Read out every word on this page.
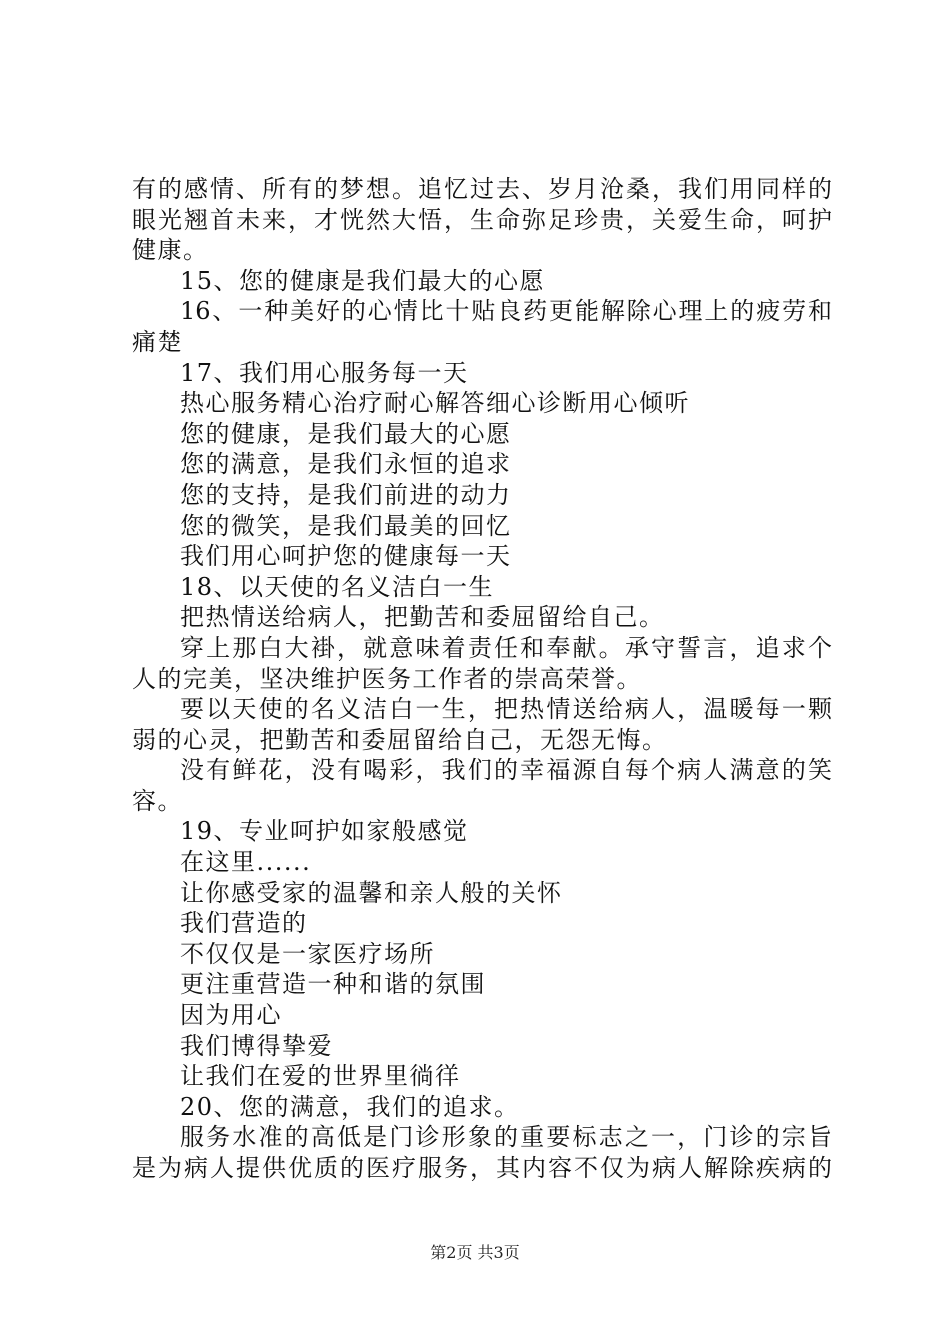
有的感情、所有的梦想。追忆过去、岁月沧桑，我们用同样的
眼光翘首未来，才恍然大悟，生命弥足珍贵，关爱生命，呵护
健康。
15、您的健康是我们最大的心愿
16、一种美好的心情比十贴良药更能解除心理上的疲劳和
痛楚
17、我们用心服务每一天
热心服务精心治疗耐心解答细心诊断用心倾听
您的健康，是我们最大的心愿
您的满意，是我们永恒的追求
您的支持，是我们前进的动力
您的微笑，是我们最美的回忆
我们用心呵护您的健康每一天
18、以天使的名义洁白一生
把热情送给病人，把勤苦和委屈留给自己。
穿上那白大褂，就意味着责任和奉献。承守誓言，追求个
人的完美，坚决维护医务工作者的崇高荣誉。
要以天使的名义洁白一生，把热情送给病人，温暖每一颗
弱的心灵，把勤苦和委屈留给自己，无怨无悔。
没有鲜花，没有喝彩，我们的幸福源自每个病人满意的笑
容。
19、专业呵护如家般感觉
在这里......
让你感受家的温馨和亲人般的关怀
我们营造的
不仅仅是一家医疗场所
更注重营造一种和谐的氛围
因为用心
我们博得挚爱
让我们在爱的世界里徜徉
20、您的满意，我们的追求。
服务水准的高低是门诊形象的重要标志之一，门诊的宗旨
是为病人提供优质的医疗服务，其内容不仅为病人解除疾病的
第2页 共3页
